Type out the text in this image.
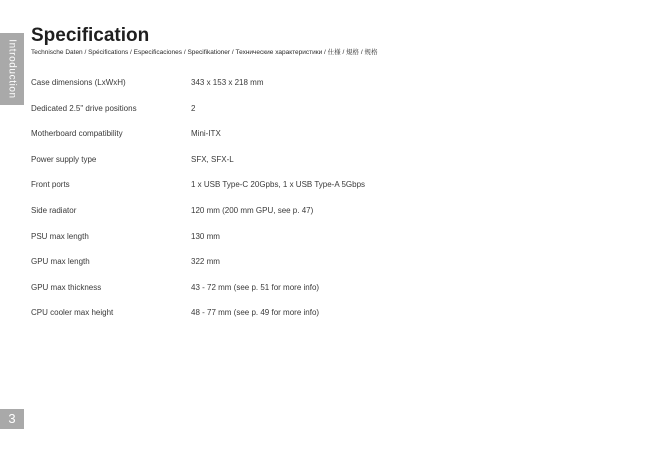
Introduction
Specification
Technische Daten / Spécifications / Especificaciones / Specifikationer / Технические характеристики / 仕様 / 規格 / 规格
Case dimensions (LxWxH)	343 x 153 x 218 mm
Dedicated 2.5" drive positions	2
Motherboard compatibility	Mini-ITX
Power supply type	SFX, SFX-L
Front ports	1 x USB Type-C 20Gpbs, 1 x USB Type-A 5Gbps
Side radiator	120 mm (200 mm GPU, see p. 47)
PSU max length	130 mm
GPU max length	322 mm
GPU max thickness	43 - 72 mm (see p. 51 for more info)
CPU cooler max height	48 - 77 mm (see p. 49 for more info)
3
